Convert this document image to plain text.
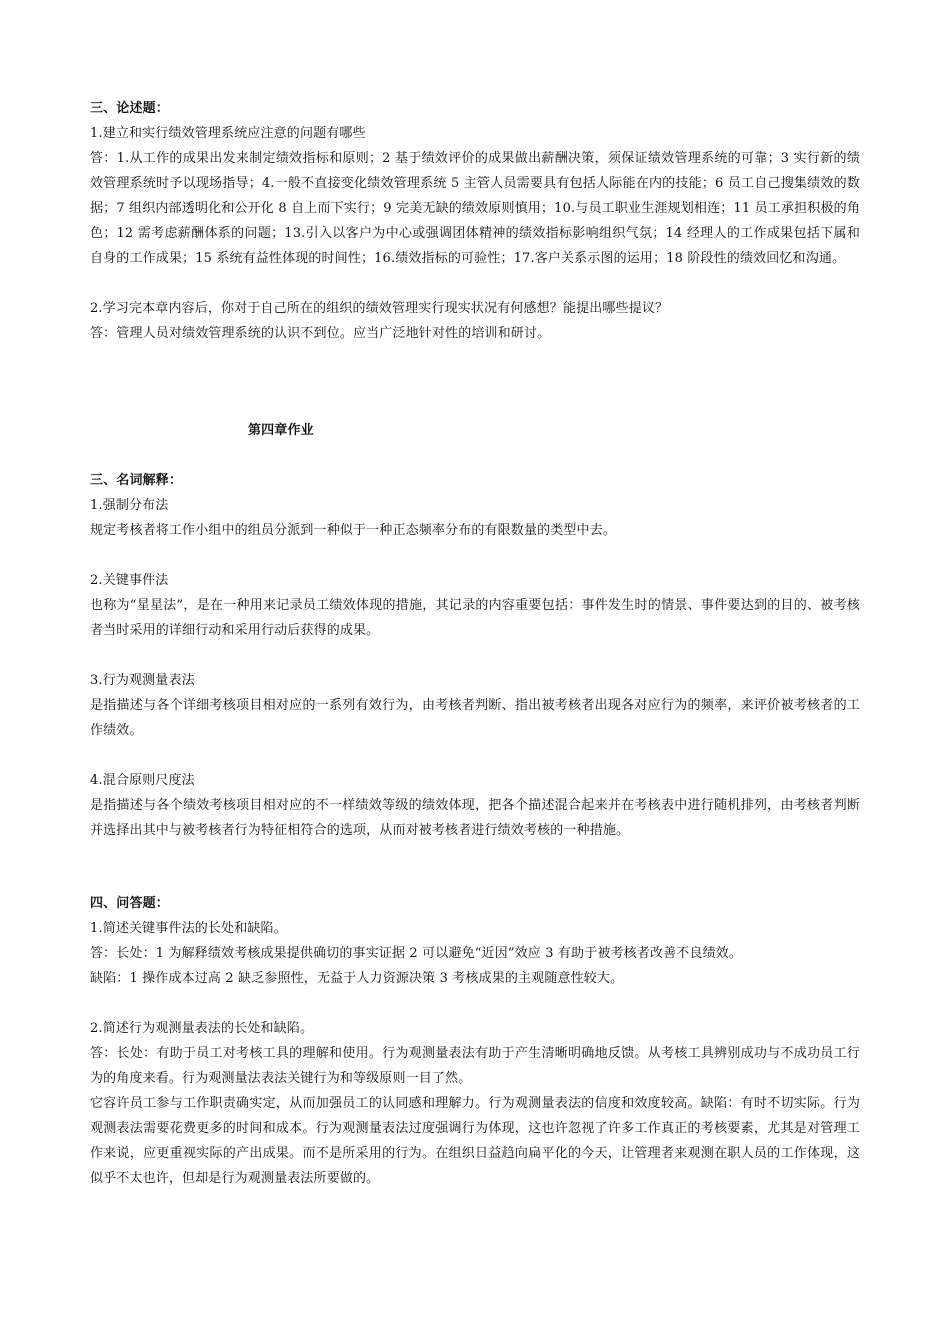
三、论述题：
1.建立和实行绩效管理系统应注意的问题有哪些
答：1.从工作的成果出发来制定绩效指标和原则；2 基于绩效评价的成果做出薪酬决策，须保证绩效管理系统的可靠；3 实行新的绩效管理系统时予以现场指导；4.一般不直接变化绩效管理系统 5 主管人员需要具有包括人际能在内的技能；6 员工自己搜集绩效的数据；7 组织内部透明化和公开化 8 自上而下实行；9 完美无缺的绩效原则慎用；10.与员工职业生涯规划相连；11 员工承担积极的角色；12 需考虑薪酬体系的问题；13.引入以客户为中心或强调团体精神的绩效指标影响组织气氛；14 经理人的工作成果包括下属和自身的工作成果；15 系统有益性体现的时间性；16.绩效指标的可验性；17.客户关系示图的运用；18 阶段性的绩效回忆和沟通。
2.学习完本章内容后，你对于自己所在的组织的绩效管理实行现实状况有何感想？能提出哪些提议？
答：管理人员对绩效管理系统的认识不到位。应当广泛地针对性的培训和研讨。
第四章作业
三、名词解释：
1.强制分布法
规定考核者将工作小组中的组员分派到一种似于一种正态频率分布的有限数量的类型中去。
2.关键事件法
也称为“星星法”，是在一种用来记录员工绩效体现的措施，其记录的内容重要包括：事件发生时的情景、事件要达到的目的、被考核者当时采用的详细行动和采用行动后获得的成果。
3.行为观测量表法
是指描述与各个详细考核项目相对应的一系列有效行为，由考核者判断、指出被考核者出现各对应行为的频率，来评价被考核者的工作绩效。
4.混合原则尺度法
是指描述与各个绩效考核项目相对应的不一样绩效等级的绩效体现，把各个描述混合起来并在考核表中进行随机排列，由考核者判断并选择出其中与被考核者行为特征相符合的选项，从而对被考核者进行绩效考核的一种措施。
四、问答题：
1.简述关键事件法的长处和缺陷。
答：长处：1 为解释绩效考核成果提供确切的事实证据 2 可以避免“近因”效应 3 有助于被考核者改善不良绩效。
缺陷：1 操作成本过高 2 缺乏参照性，无益于人力资源决策 3 考核成果的主观随意性较大。
2.简述行为观测量表法的长处和缺陷。
答：长处：有助于员工对考核工具的理解和使用。行为观测量表法有助于产生清晰明确地反馈。从考核工具辨别成功与不成功员工行为的角度来看。行为观测量法表法关键行为和等级原则一目了然。
它容许员工参与工作职责确实定，从而加强员工的认同感和理解力。行为观测量表法的信度和效度较高。缺陷：有时不切实际。行为观测表法需要花费更多的时间和成本。行为观测量表法过度强调行为体现，这也许忽视了许多工作真正的考核要素，尤其是对管理工作来说，应更重视实际的产出成果。而不是所采用的行为。在组织日益趋向扁平化的今天，让管理者来观测在职人员的工作体现，这似乎不太也许，但却是行为观测量表法所要做的。
